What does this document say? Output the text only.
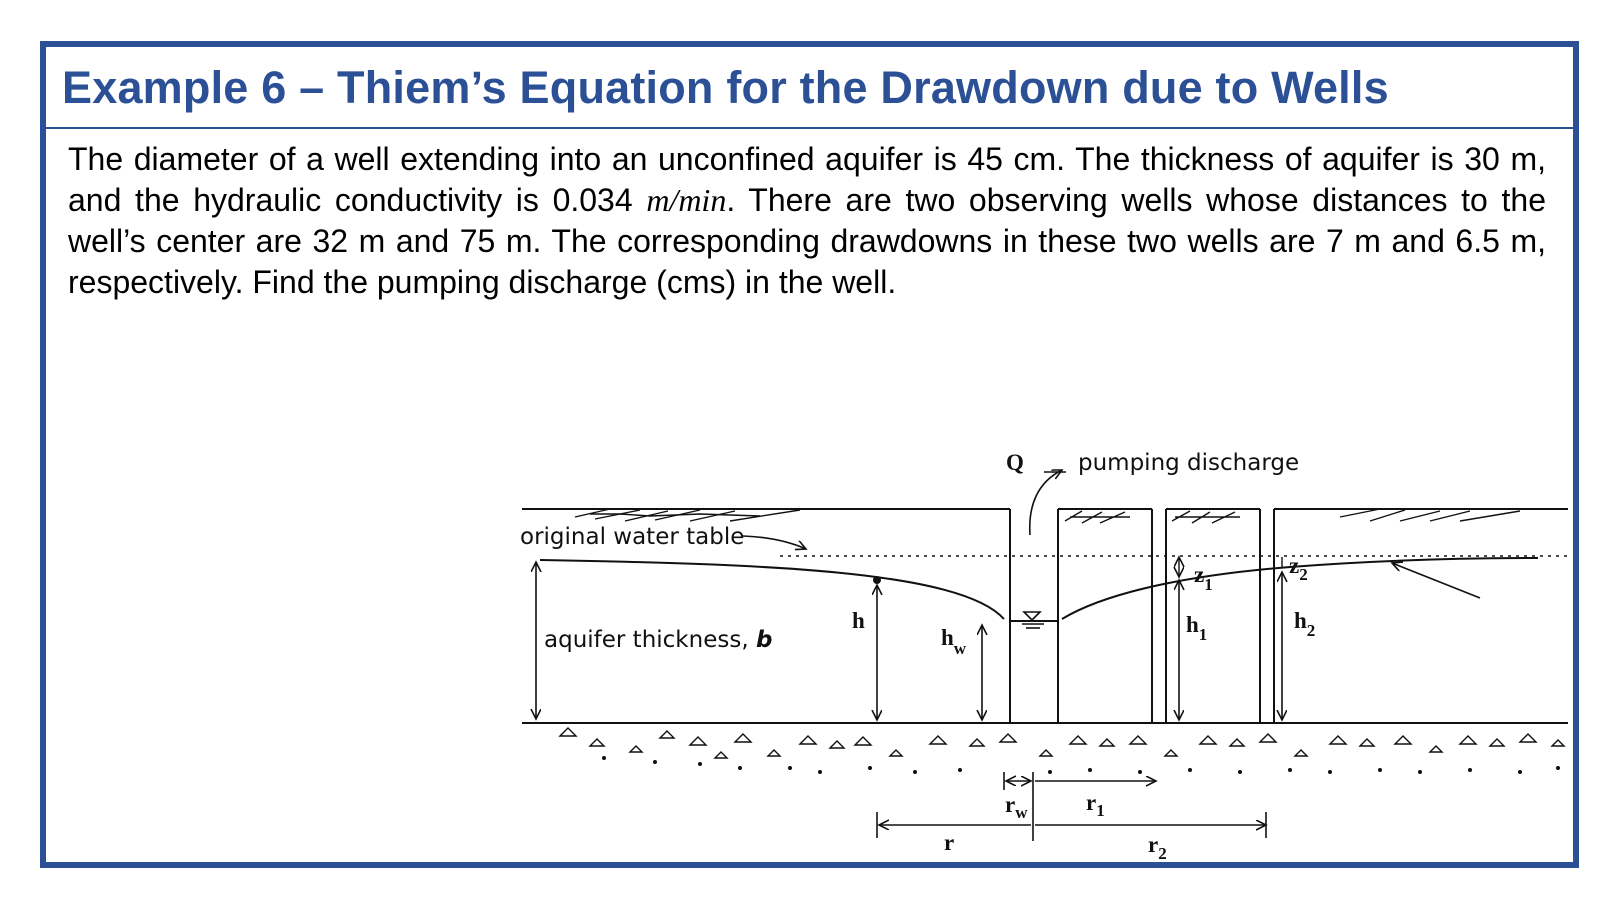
Example 6 – Thiem’s Equation for the Drawdown due to Wells

The diameter of a well extending into an unconfined aquifer is 45 cm. The thickness of aquifer is 30 m, and the hydraulic conductivity is 0.034 m/min. There are two observing wells whose distances to the well’s center are 32 m and 75 m. The corresponding drawdowns in these two wells are 7 m and 6.5 m, respectively. Find the pumping discharge (cms) in the well.

Q pumping discharge
original water table
aquifer thickness, b
h
$h_w$
$h_1$
$h_2$
$z_1$
$z_2$
$r_w$	$r_1$
r	$r_2$
